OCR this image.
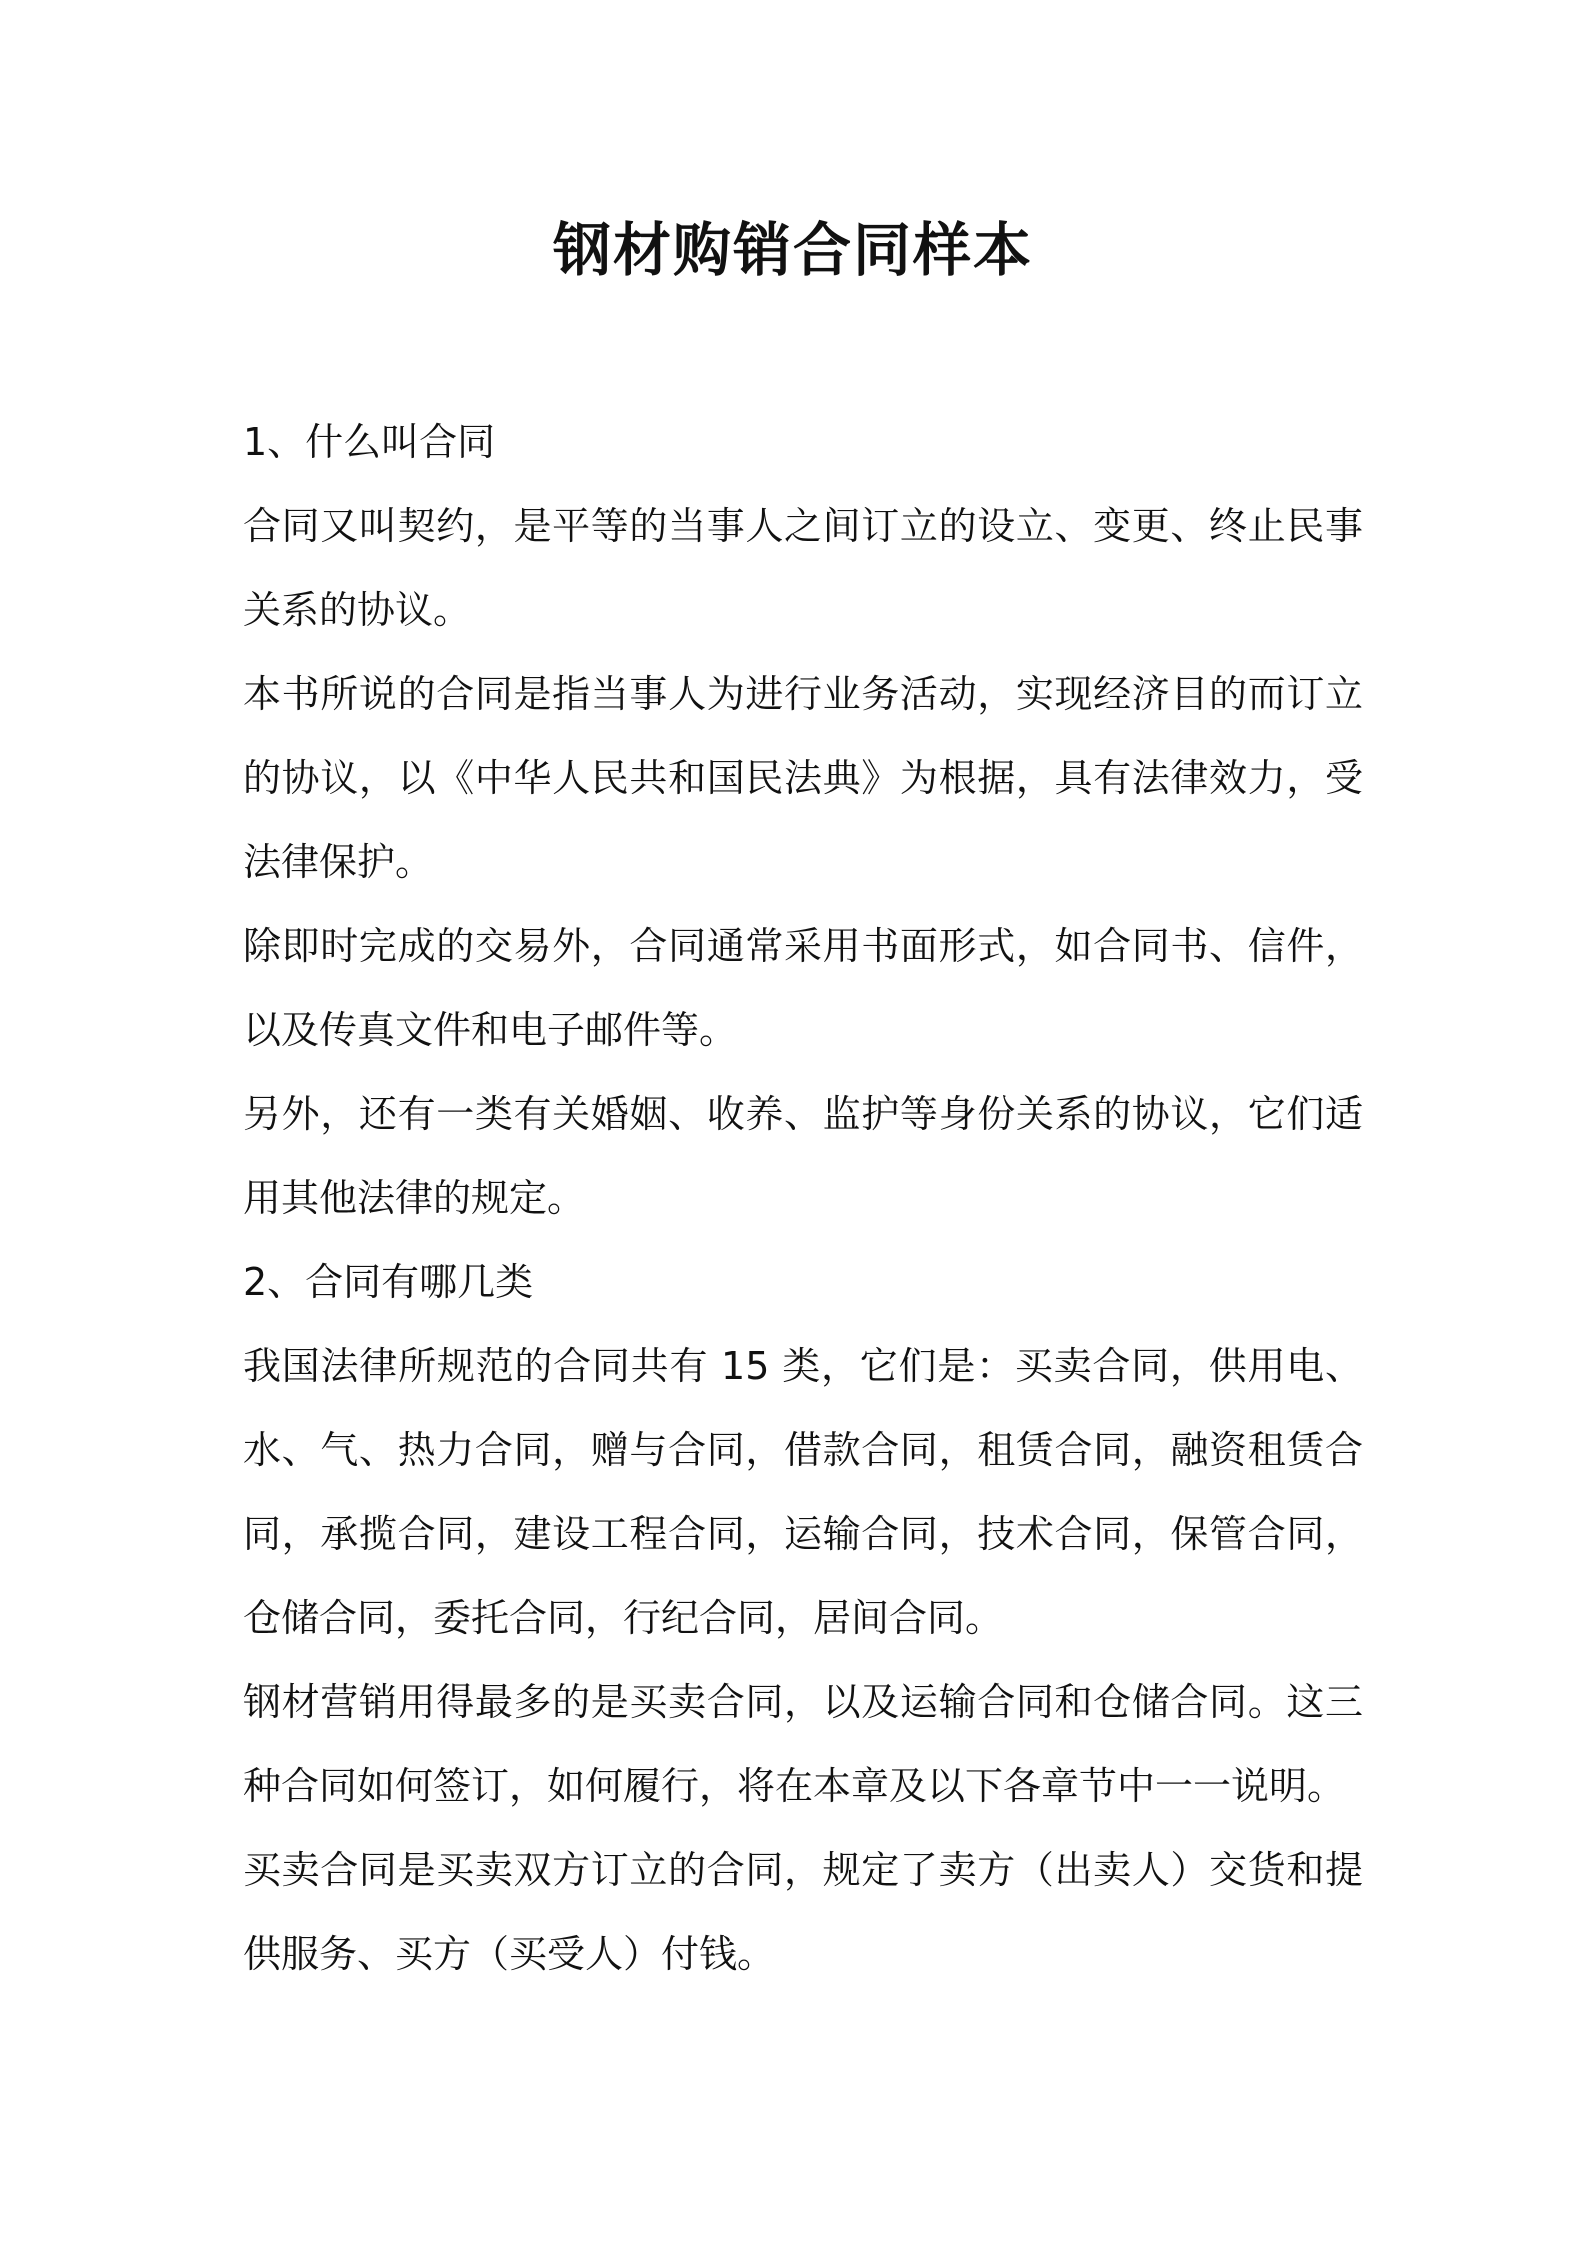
钢材购销合同样本

1、什么叫合同

合同又叫契约，是平等的当事人之间订立的设立、变更、终止民事关系的协议。

本书所说的合同是指当事人为进行业务活动，实现经济目的而订立的协议，以《中华人民共和国民法典》为根据，具有法律效力，受法律保护。

除即时完成的交易外，合同通常采用书面形式，如合同书、信件，以及传真文件和电子邮件等。

另外，还有一类有关婚姻、收养、监护等身份关系的协议，它们适用其他法律的规定。

2、合同有哪几类

我国法律所规范的合同共有 15 类，它们是：买卖合同，供用电、水、气、热力合同，赠与合同，借款合同，租赁合同，融资租赁合同，承揽合同，建设工程合同，运输合同，技术合同，保管合同，仓储合同，委托合同，行纪合同，居间合同。

钢材营销用得最多的是买卖合同，以及运输合同和仓储合同。这三种合同如何签订，如何履行，将在本章及以下各章节中一一说明。

买卖合同是买卖双方订立的合同，规定了卖方（出卖人）交货和提供服务、买方（买受人）付钱。
